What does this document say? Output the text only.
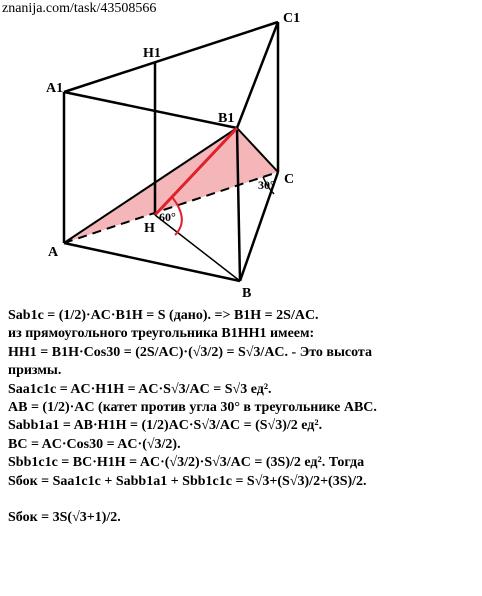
znanija.com/task/43508566
C1
H1
A1
B1
C
H
A
B
60°
30°
Sab1c = (1/2)·AC·B1H = S (дано). => B1H = 2S/AC.
из прямоугольного треугольника B1HH1 имеем:
HH1 = B1H·Cos30 = (2S/AC)·(√3/2) = S√3/AC. - Это высота
призмы.
Saa1c1c = AC·H1H = AC·S√3/AC = S√3 ед².
AB = (1/2)·AC (катет против угла 30° в треугольнике ABC.
Sabb1a1 = AB·H1H = (1/2)AC·S√3/AC = (S√3)/2 ед².
BC = AC·Cos30 = AC·(√3/2).
Sbb1c1c = BC·H1H = AC·(√3/2)·S√3/AC = (3S)/2 ед². Тогда
Sбок = Saa1c1c + Sabb1a1 + Sbb1c1c = S√3+(S√3)/2+(3S)/2.
Sбок = 3S(√3+1)/2.
